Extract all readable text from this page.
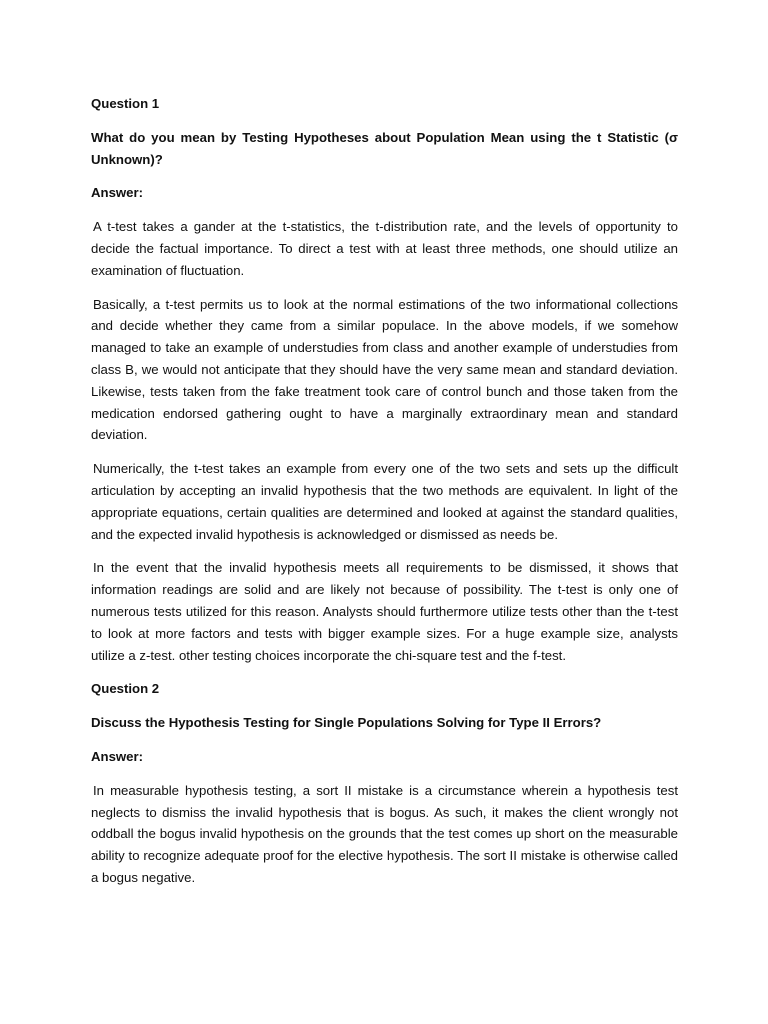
Question 1

What do you mean by Testing Hypotheses about Population Mean using the t Statistic (σ Unknown)?

Answer:

A t-test takes a gander at the t-statistics, the t-distribution rate, and the levels of opportunity to decide the factual importance. To direct a test with at least three methods, one should utilize an examination of fluctuation.

Basically, a t-test permits us to look at the normal estimations of the two informational collections and decide whether they came from a similar populace. In the above models, if we somehow managed to take an example of understudies from class and another example of understudies from class B, we would not anticipate that they should have the very same mean and standard deviation. Likewise, tests taken from the fake treatment took care of control bunch and those taken from the medication endorsed gathering ought to have a marginally extraordinary mean and standard deviation.

Numerically, the t-test takes an example from every one of the two sets and sets up the difficult articulation by accepting an invalid hypothesis that the two methods are equivalent. In light of the appropriate equations, certain qualities are determined and looked at against the standard qualities, and the expected invalid hypothesis is acknowledged or dismissed as needs be.

In the event that the invalid hypothesis meets all requirements to be dismissed, it shows that information readings are solid and are likely not because of possibility. The t-test is only one of numerous tests utilized for this reason. Analysts should furthermore utilize tests other than the t-test to look at more factors and tests with bigger example sizes. For a huge example size, analysts utilize a z-test. other testing choices incorporate the chi-square test and the f-test.

Question 2

Discuss the Hypothesis Testing for Single Populations Solving for Type II Errors?

Answer:

In measurable hypothesis testing, a sort II mistake is a circumstance wherein a hypothesis test neglects to dismiss the invalid hypothesis that is bogus. As such, it makes the client wrongly not oddball the bogus invalid hypothesis on the grounds that the test comes up short on the measurable ability to recognize adequate proof for the elective hypothesis. The sort II mistake is otherwise called a bogus negative.
